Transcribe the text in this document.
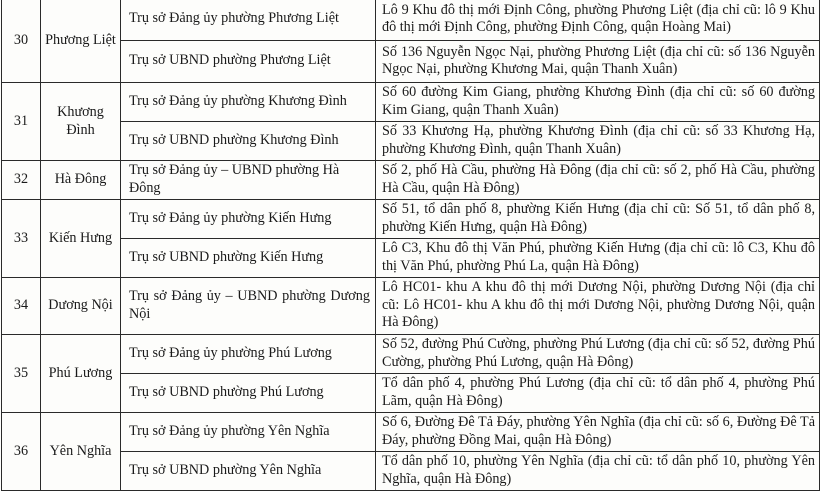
30	Phương Liệt	Trụ sở Đảng ủy phường Phương Liệt	Lô 9 Khu đô thị mới Định Công, phường Phương Liệt (địa chỉ cũ: lô 9 Khu đô thị mới Định Công, phường Định Công, quận Hoàng Mai)
		Trụ sở UBND phường Phương Liệt	Số 136 Nguyễn Ngọc Nại, phường Phương Liệt (địa chỉ cũ: số 136 Nguyễn Ngọc Nại, phường Khương Mai, quận Thanh Xuân)
31	Khương Đình	Trụ sở Đảng ủy phường Khương Đình	Số 60 đường Kim Giang, phường Khương Đình (địa chỉ cũ: số 60 đường Kim Giang, quận Thanh Xuân)
		Trụ sở UBND phường Khương Đình	Số 33 Khương Hạ, phường Khương Đình (địa chỉ cũ: số 33 Khương Hạ, phường Khương Đình, quận Thanh Xuân)
32	Hà Đông	Trụ sở Đảng ủy – UBND phường Hà Đông	Số 2, phố Hà Cầu, phường Hà Đông (địa chỉ cũ: số 2, phố Hà Cầu, phường Hà Cầu, quận Hà Đông)
33	Kiến Hưng	Trụ sở Đảng ủy phường Kiến Hưng	Số 51, tổ dân phố 8, phường Kiến Hưng (địa chỉ cũ: Số 51, tổ dân phố 8, phường Kiến Hưng, quận Hà Đông)
		Trụ sở UBND phường Kiến Hưng	Lô C3, Khu đô thị Văn Phú, phường Kiến Hưng (địa chỉ cũ: lô C3, Khu đô thị Văn Phú, phường Phú La, quận Hà Đông)
34	Dương Nội	Trụ sở Đảng ủy – UBND phường Dương Nội	Lô HC01- khu A khu đô thị mới Dương Nội, phường Dương Nội (địa chỉ cũ: Lô HC01- khu A khu đô thị mới Dương Nội, phường Dương Nội, quận Hà Đông)
35	Phú Lương	Trụ sở Đảng ủy phường Phú Lương	Số 52, đường Phú Cường, phường Phú Lương (địa chỉ cũ: số 52, đường Phú Cường, phường Phú Lương, quận Hà Đông)
		Trụ sở UBND phường Phú Lương	Tổ dân phố 4, phường Phú Lương (địa chỉ cũ: tổ dân phố 4, phường Phú Lãm, quận Hà Đông)
36	Yên Nghĩa	Trụ sở Đảng ủy phường Yên Nghĩa	Số 6, Đường Đê Tả Đáy, phường Yên Nghĩa (địa chỉ cũ: số 6, Đường Đê Tả Đáy, phường Đồng Mai, quận Hà Đông)
		Trụ sở UBND phường Yên Nghĩa	Tổ dân phố 10, phường Yên Nghĩa (địa chỉ cũ: tổ dân phố 10, phường Yên Nghĩa, quận Hà Đông)
